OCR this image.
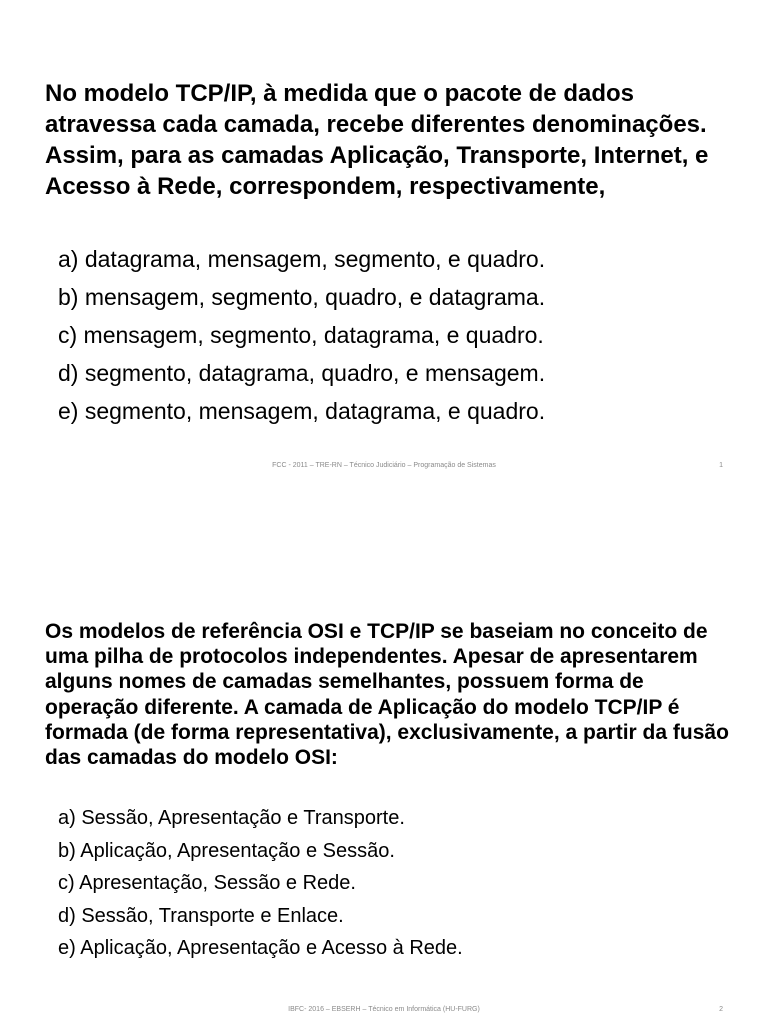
No modelo TCP/IP, à medida que o pacote de dados atravessa cada camada, recebe diferentes denominações. Assim, para as camadas Aplicação, Transporte, Internet, e Acesso à Rede, correspondem, respectivamente,

a) datagrama, mensagem, segmento, e quadro.
b) mensagem, segmento, quadro, e datagrama.
c) mensagem, segmento, datagrama, e quadro.
d) segmento, datagrama, quadro, e mensagem.
e) segmento, mensagem, datagrama, e quadro.
FCC - 2011 – TRE-RN – Técnico Judiciário – Programação de Sistemas	1

Os modelos de referência OSI e TCP/IP se baseiam no conceito de uma pilha de protocolos independentes. Apesar de apresentarem alguns nomes de camadas semelhantes, possuem forma de operação diferente. A camada de Aplicação do modelo TCP/IP é formada (de forma representativa), exclusivamente, a partir da fusão das camadas do modelo OSI:

a) Sessão, Apresentação e Transporte.
b) Aplicação, Apresentação e Sessão.
c) Apresentação, Sessão e Rede.
d) Sessão, Transporte e Enlace.
e) Aplicação, Apresentação e Acesso à Rede.
IBFC- 2016 – EBSERH – Técnico em Informática (HU-FURG)	2
